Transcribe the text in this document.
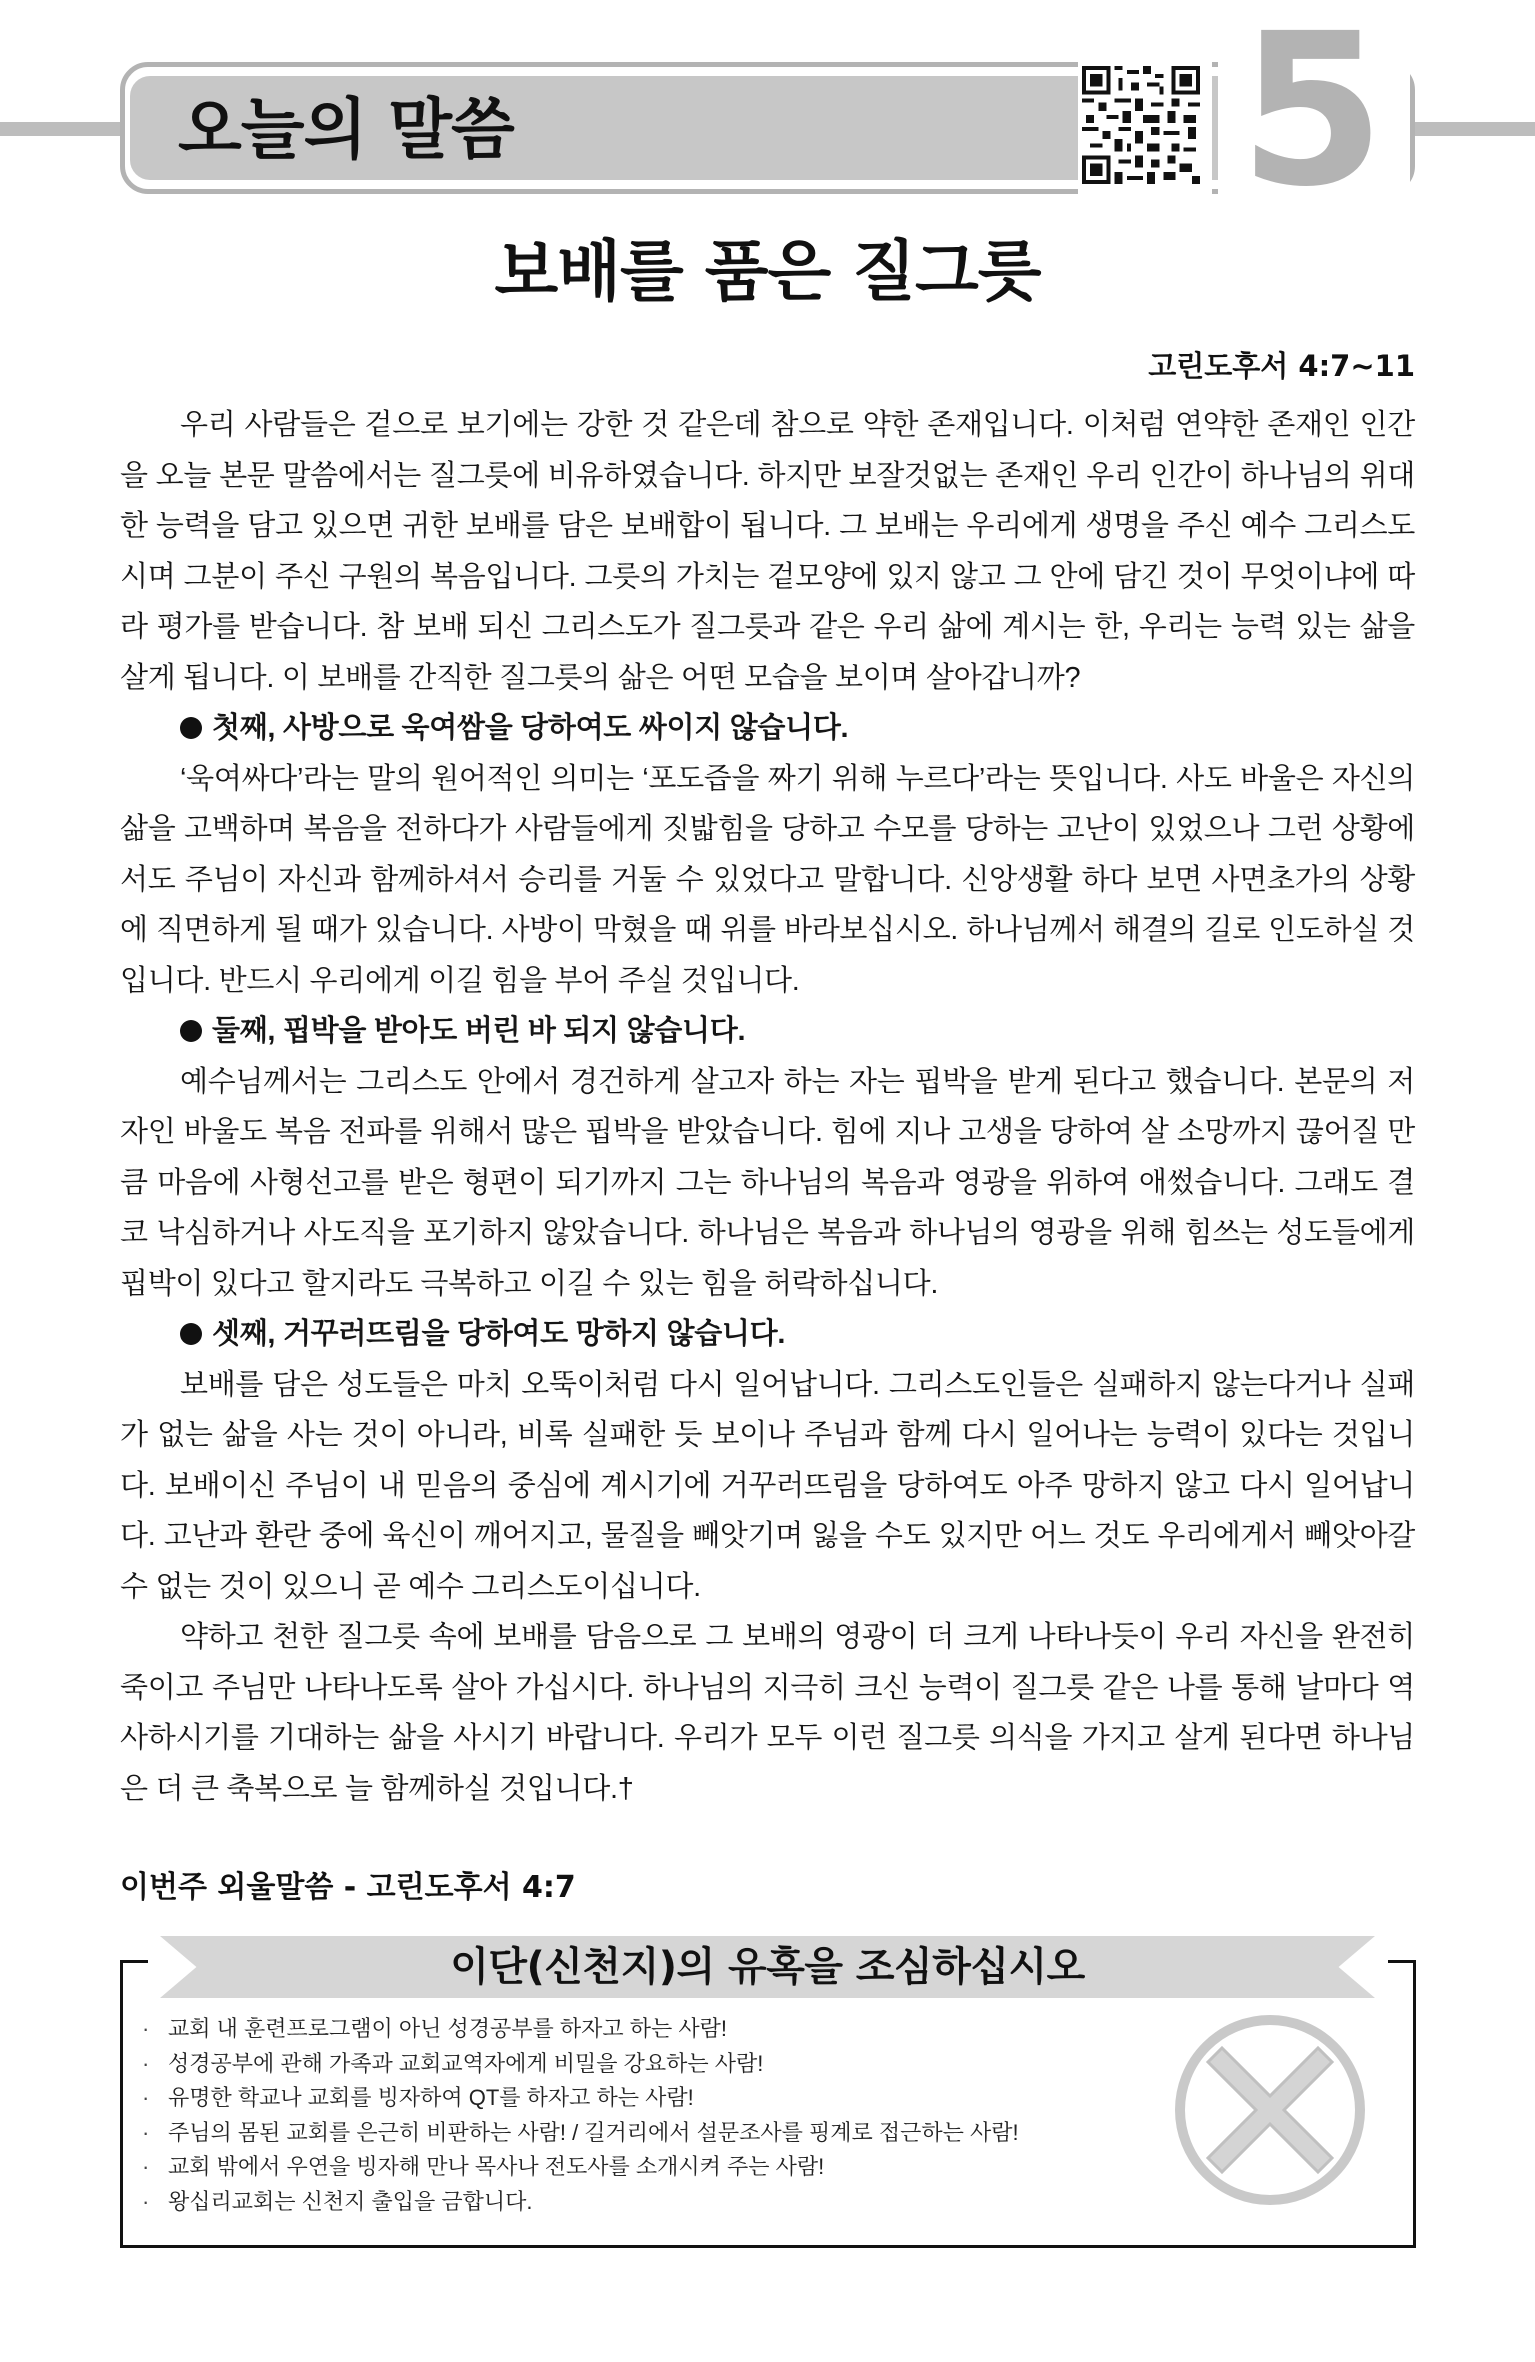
오늘의 말씀	5

보배를 품은 질그릇

고린도후서 4:7~11

우리 사람들은 겉으로 보기에는 강한 것 같은데 참으로 약한 존재입니다. 이처럼 연약한 존재인 인간을 오늘 본문 말씀에서는 질그릇에 비유하였습니다. 하지만 보잘것없는 존재인 우리 인간이 하나님의 위대한 능력을 담고 있으면 귀한 보배를 담은 보배합이 됩니다. 그 보배는 우리에게 생명을 주신 예수 그리스도시며 그분이 주신 구원의 복음입니다. 그릇의 가치는 겉모양에 있지 않고 그 안에 담긴 것이 무엇이냐에 따라 평가를 받습니다. 참 보배 되신 그리스도가 질그릇과 같은 우리 삶에 계시는 한, 우리는 능력 있는 삶을 살게 됩니다. 이 보배를 간직한 질그릇의 삶은 어떤 모습을 보이며 살아갑니까?

첫째, 사방으로 욱여쌈을 당하여도 싸이지 않습니다.

‘욱여싸다’라는 말의 원어적인 의미는 ‘포도즙을 짜기 위해 누르다’라는 뜻입니다. 사도 바울은 자신의 삶을 고백하며 복음을 전하다가 사람들에게 짓밟힘을 당하고 수모를 당하는 고난이 있었으나 그런 상황에서도 주님이 자신과 함께하셔서 승리를 거둘 수 있었다고 말합니다. 신앙생활 하다 보면 사면초가의 상황에 직면하게 될 때가 있습니다. 사방이 막혔을 때 위를 바라보십시오. 하나님께서 해결의 길로 인도하실 것입니다. 반드시 우리에게 이길 힘을 부어 주실 것입니다.

둘째, 핍박을 받아도 버린 바 되지 않습니다.

예수님께서는 그리스도 안에서 경건하게 살고자 하는 자는 핍박을 받게 된다고 했습니다. 본문의 저자인 바울도 복음 전파를 위해서 많은 핍박을 받았습니다. 힘에 지나 고생을 당하여 살 소망까지 끊어질 만큼 마음에 사형선고를 받은 형편이 되기까지 그는 하나님의 복음과 영광을 위하여 애썼습니다. 그래도 결코 낙심하거나 사도직을 포기하지 않았습니다. 하나님은 복음과 하나님의 영광을 위해 힘쓰는 성도들에게 핍박이 있다고 할지라도 극복하고 이길 수 있는 힘을 허락하십니다.

셋째, 거꾸러뜨림을 당하여도 망하지 않습니다.

보배를 담은 성도들은 마치 오뚝이처럼 다시 일어납니다. 그리스도인들은 실패하지 않는다거나 실패가 없는 삶을 사는 것이 아니라, 비록 실패한 듯 보이나 주님과 함께 다시 일어나는 능력이 있다는 것입니다. 보배이신 주님이 내 믿음의 중심에 계시기에 거꾸러뜨림을 당하여도 아주 망하지 않고 다시 일어납니다. 고난과 환란 중에 육신이 깨어지고, 물질을 빼앗기며 잃을 수도 있지만 어느 것도 우리에게서 빼앗아갈 수 없는 것이 있으니 곧 예수 그리스도이십니다.

약하고 천한 질그릇 속에 보배를 담음으로 그 보배의 영광이 더 크게 나타나듯이 우리 자신을 완전히 죽이고 주님만 나타나도록 살아 가십시다. 하나님의 지극히 크신 능력이 질그릇 같은 나를 통해 날마다 역사하시기를 기대하는 삶을 사시기 바랍니다. 우리가 모두 이런 질그릇 의식을 가지고 살게 된다면 하나님은 더 큰 축복으로 늘 함께하실 것입니다.†

이번주 외울말씀 - 고린도후서 4:7

이단(신천지)의 유혹을 조심하십시오
· 교회 내 훈련프로그램이 아닌 성경공부를 하자고 하는 사람!
· 성경공부에 관해 가족과 교회교역자에게 비밀을 강요하는 사람!
· 유명한 학교나 교회를 빙자하여 QT를 하자고 하는 사람!
· 주님의 몸된 교회를 은근히 비판하는 사람! / 길거리에서 설문조사를 핑계로 접근하는 사람!
· 교회 밖에서 우연을 빙자해 만나 목사나 전도사를 소개시켜 주는 사람!
· 왕십리교회는 신천지 출입을 금합니다.
